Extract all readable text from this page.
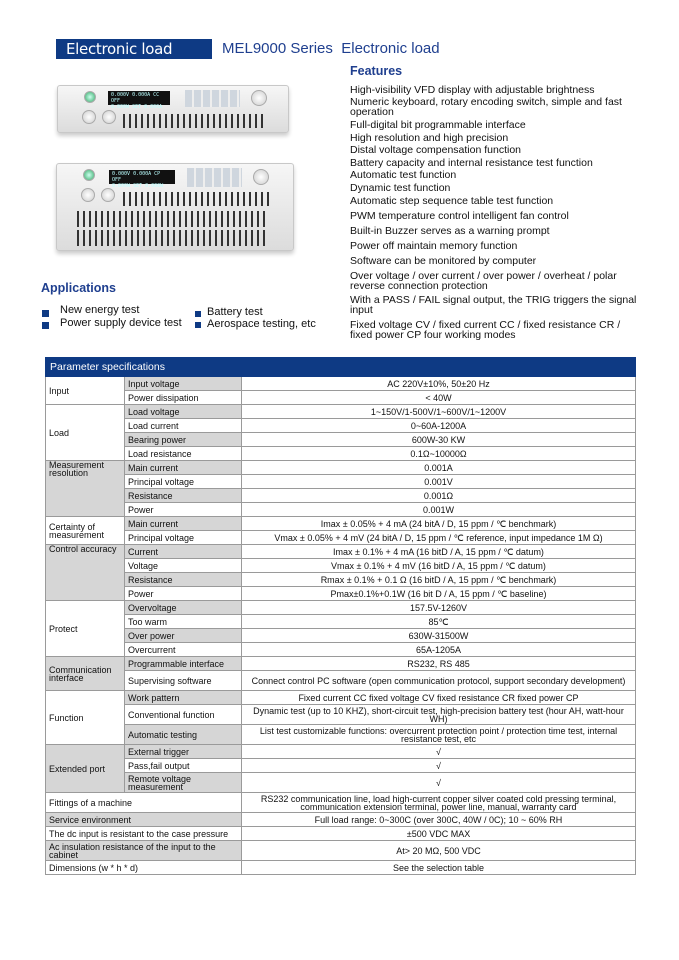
Electronic load	MEL9000 Series  Electronic load
0.000V 0.000A CC OFF
0.000W SET 0.000A
0.000V 0.000A CP OFF
0.000W SET 0.000W
Features
High-visibility VFD display with adjustable brightness
Numeric keyboard, rotary encoding switch, simple and fast operation
Full-digital bit programmable interface
High resolution and high precision
Distal voltage compensation function
Battery capacity and internal resistance test function
Automatic test function
Dynamic test function
Automatic step sequence table test function
PWM temperature control intelligent fan control
Built-in Buzzer serves as a warning prompt
Power off maintain memory function
Software can be monitored by computer
Over voltage / over current / over power / overheat / polar reverse connection protection
With a PASS / FAIL signal output, the TRIG triggers the signal input
Fixed voltage CV / fixed current CC / fixed resistance CR / fixed power CP four working modes
Applications
New energy test
Power supply device test
Battery test
Aerospace testing, etc
Parameter specifications		
Input	Input voltage	AC 220V±10%, 50±20 Hz
	Power dissipation	< 40W
Load	Load voltage	1~150V/1-500V/1~600V/1~1200V
	Load current	0~60A-1200A
	Bearing power	600W-30 KW
	Load resistance	0.1Ω~10000Ω
Measurement resolution	Main current	0.001A
	Principal voltage	0.001V
	Resistance	0.001Ω
	Power	0.001W
Certainty of measurement	Main current	Imax ± 0.05% + 4 mA (24 bitA / D, 15 ppm / ℃ benchmark)
	Principal voltage	Vmax ± 0.05% + 4 mV (24 bitA / D, 15 ppm / ℃ reference, input impedance 1M Ω)
Control accuracy	Current	Imax ± 0.1% + 4 mA (16 bitD / A, 15 ppm / ℃ datum)
	Voltage	Vmax ± 0.1% + 4 mV (16 bitD / A, 15 ppm / ℃ datum)
	Resistance	Rmax ± 0.1% + 0.1 Ω (16 bitD / A, 15 ppm / ℃ benchmark)
	Power	Pmax±0.1%+0.1W (16 bit D / A, 15 ppm / ℃ baseline)
Protect	Overvoltage	157.5V-1260V
	Too warm	85℃
	Over power	630W-31500W
	Overcurrent	65A-1205A
Communication interface	Programmable interface	RS232, RS 485
	Supervising software	Connect control PC software (open communication protocol, support secondary development)
Function	Work pattern	Fixed current CC fixed voltage CV fixed resistance CR fixed power CP
	Conventional function	Dynamic test (up to 10 KHZ), short-circuit test, high-precision battery test (hour AH, watt-hour WH)
	Automatic testing	List test customizable functions: overcurrent protection point / protection time test, internal resistance test, etc
Extended port	External trigger	√
	Pass,fail output	√
	Remote voltage measurement	√
Fittings of a machine		RS232 communication line, load high-current copper silver coated cold pressing terminal, communication extension terminal, power line, manual, warranty card
Service environment		Full load range: 0~300C (over 300C, 40W / 0C); 10 ~ 60% RH
The dc input is resistant to the case pressure		±500 VDC MAX
Ac insulation resistance of the input to the cabinet		At> 20 MΩ, 500 VDC
Dimensions (w * h * d)		See the selection table
